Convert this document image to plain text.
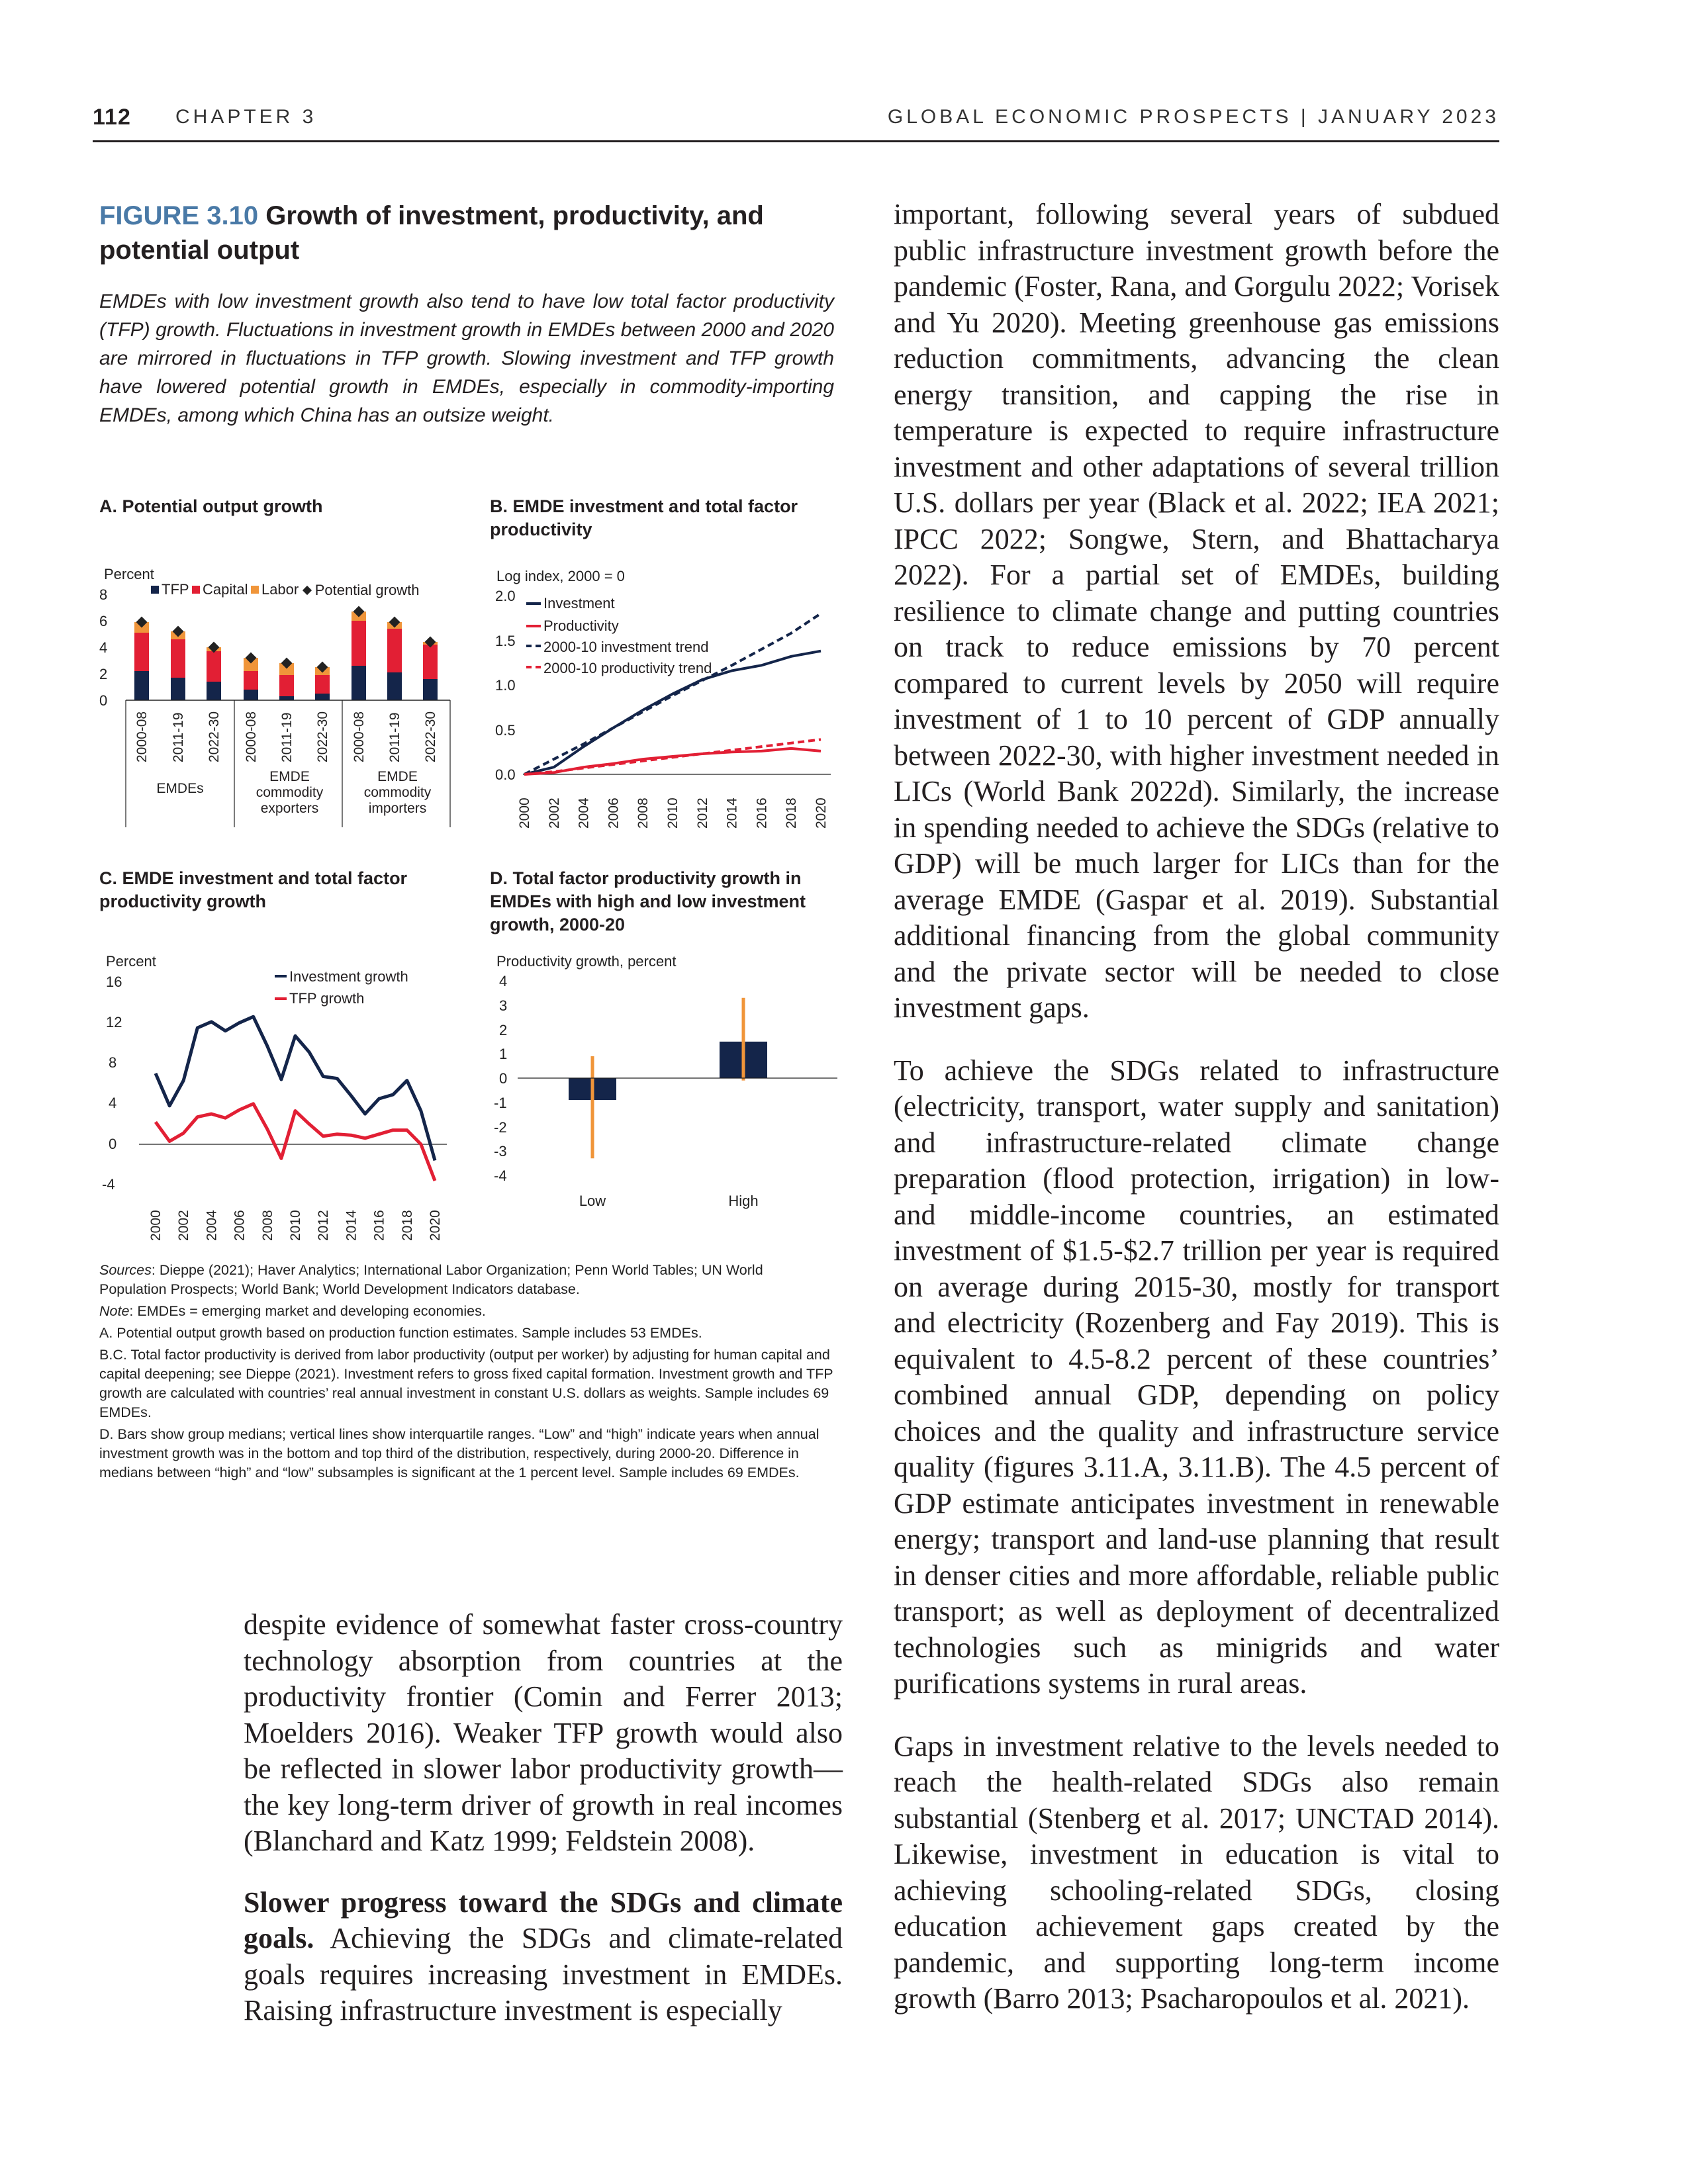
112 CHAPTER 3	GLOBAL ECONOMIC PROSPECTS | JANUARY 2023
FIGURE 3.10 Growth of investment, productivity, and potential output
EMDEs with low investment growth also tend to have low total factor productivity (TFP) growth. Fluctuations in investment growth in EMDEs between 2000 and 2020 are mirrored in fluctuations in TFP growth. Slowing investment and TFP growth have lowered potential growth in EMDEs, especially in commodity-importing EMDEs, among which China has an outsize weight.
A. Potential output growth
Percent
TFP
Capital
Labor
Potential growth
8
6
4
2
0
2000-08 2011-19 2022-30 2000-08 2011-19 2022-30 2000-08 2011-19 2022-30
EMDEs
EMDE commodity exporters
EMDE commodity importers
B. EMDE investment and total factor productivity
Log index, 2000 = 0
Investment

Productivity

2000-10 investment trend

2000-10 productivity trend
2.0
1.5
1.0
0.5
0.0
2000 2002 2004 2006 2008 2010 2012 2014 2016 2018 2020
C. EMDE investment and total factor productivity growth
Percent
Investment growth

TFP growth
16
12
8
4
0
-4
2000 2002 2004 2006 2008 2010 2012 2014 2016 2018 2020
D. Total factor productivity growth in EMDEs with high and low investment growth, 2000-20
Productivity growth, percent
4
3
2
1
0
-1
-2
-3
-4
Low	High

Sources: Dieppe (2021); Haver Analytics; International Labor Organization; Penn World Tables; UN World Population Prospects; World Bank; World Development Indicators database.

Note: EMDEs = emerging market and developing economies.

A. Potential output growth based on production function estimates. Sample includes 53 EMDEs.

B.C. Total factor productivity is derived from labor productivity (output per worker) by adjusting for human capital and capital deepening; see Dieppe (2021). Investment refers to gross fixed capital formation. Investment growth and TFP growth are calculated with countries’ real annual investment in constant U.S. dollars as weights. Sample includes 69 EMDEs.

D. Bars show group medians; vertical lines show interquartile ranges. “Low” and “high” indicate years when annual investment growth was in the bottom and top third of the distribution, respectively, during 2000-20. Difference in medians between “high” and “low” subsamples is significant at the 1 percent level. Sample includes 69 EMDEs.

despite evidence of somewhat faster cross-country technology absorption from countries at the productivity frontier (Comin and Ferrer 2013; Moelders 2016). Weaker TFP growth would also be reflected in slower labor productivity growth—the key long-term driver of growth in real incomes (Blanchard and Katz 1999; Feldstein 2008).

Slower progress toward the SDGs and climate goals. Achieving the SDGs and climate-related goals requires increasing investment in EMDEs. Raising infrastructure investment is especially

important, following several years of subdued public infrastructure investment growth before the pandemic (Foster, Rana, and Gorgulu 2022; Vorisek and Yu 2020). Meeting greenhouse gas emissions reduction commitments, advancing the clean energy transition, and capping the rise in temperature is expected to require infrastructure investment and other adaptations of several trillion U.S. dollars per year (Black et al. 2022; IEA 2021; IPCC 2022; Songwe, Stern, and Bhattacharya 2022). For a partial set of EMDEs, building resilience to climate change and putting countries on track to reduce emissions by 70 percent compared to current levels by 2050 will require investment of 1 to 10 percent of GDP annually between 2022-30, with higher investment needed in LICs (World Bank 2022d). Similarly, the increase in spending needed to achieve the SDGs (relative to GDP) will be much larger for LICs than for the average EMDE (Gaspar et al. 2019). Substantial additional financing from the global community and the private sector will be needed to close investment gaps.

To achieve the SDGs related to infrastructure (electricity, transport, water supply and sanitation) and infrastructure-related climate change preparation (flood protection, irrigation) in low- and middle-income countries, an estimated investment of $1.5-$2.7 trillion per year is required on average during 2015-30, mostly for transport and electricity (Rozenberg and Fay 2019). This is equivalent to 4.5-8.2 percent of these countries’ combined annual GDP, depending on policy choices and the quality and infrastructure service quality (figures 3.11.A, 3.11.B). The 4.5 percent of GDP estimate anticipates investment in renewable energy; transport and land-use planning that result in denser cities and more affordable, reliable public transport; as well as deployment of decentralized technologies such as minigrids and water purifications systems in rural areas.

Gaps in investment relative to the levels needed to reach the health-related SDGs also remain substantial (Stenberg et al. 2017; UNCTAD 2014). Likewise, investment in education is vital to achieving schooling-related SDGs, closing education achievement gaps created by the pandemic, and supporting long-term income growth (Barro 2013; Psacharopoulos et al. 2021).
